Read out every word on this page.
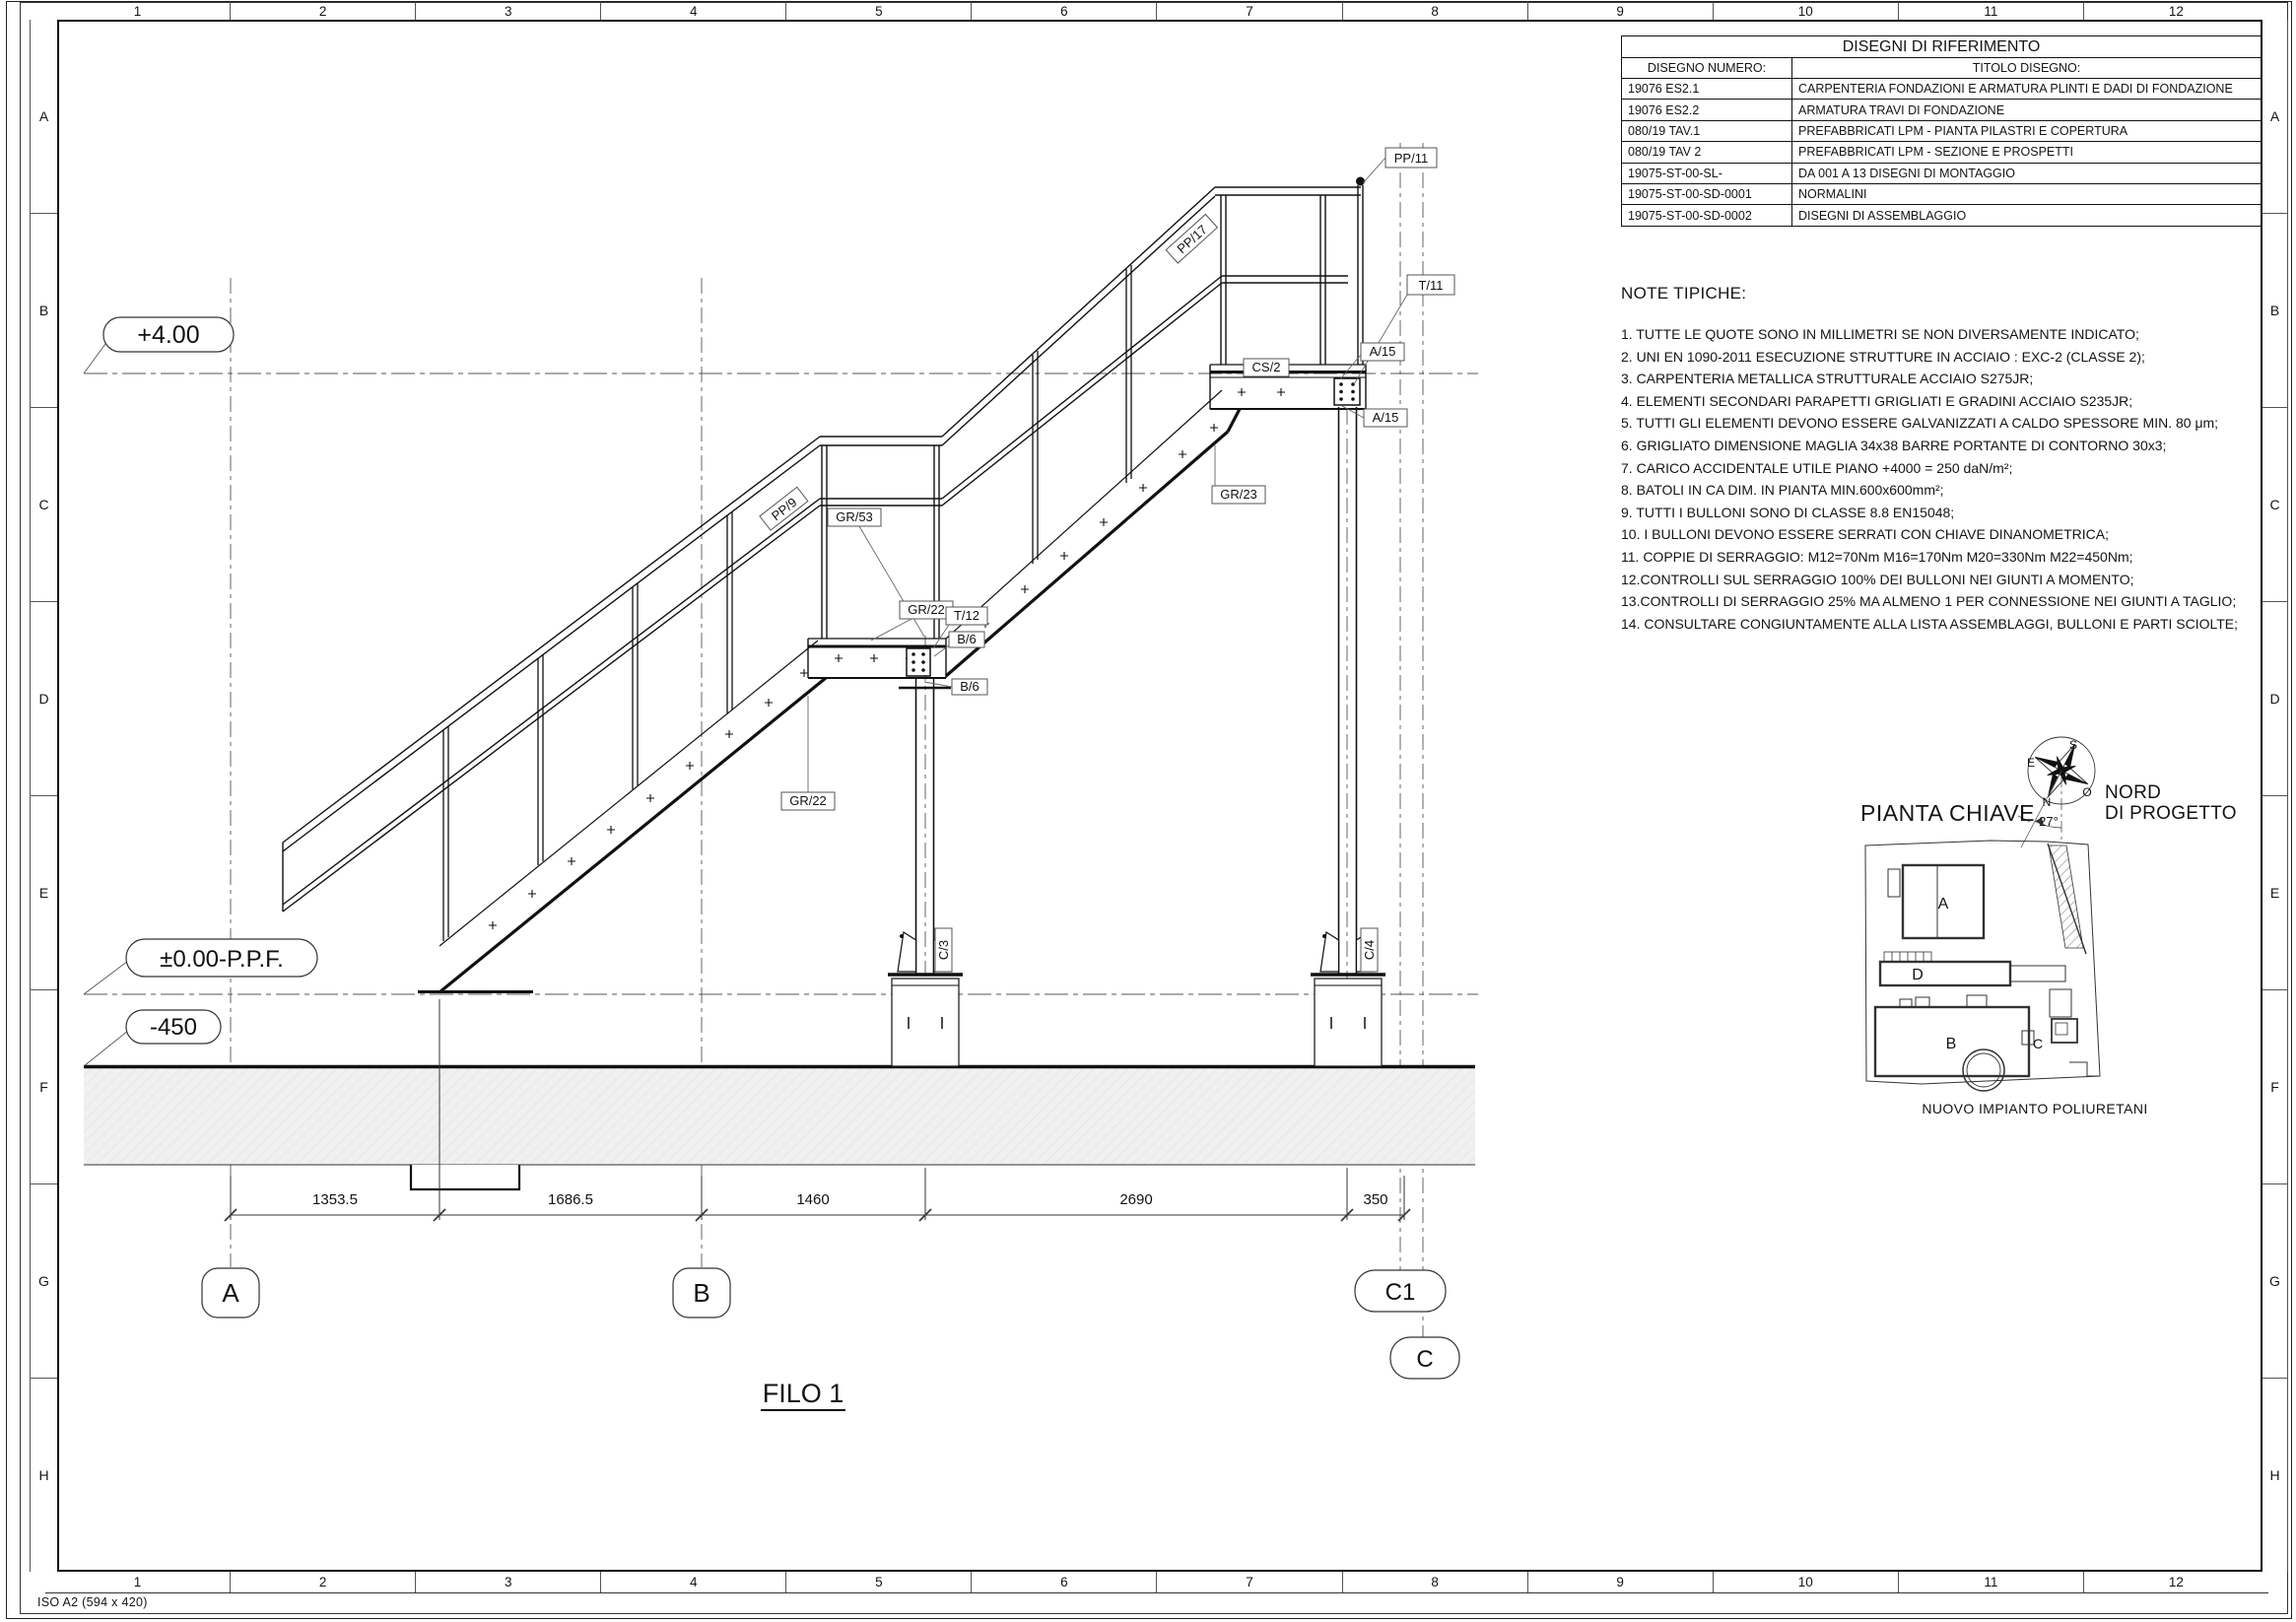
1	2	3	4	5	6	7	8	9	10	11	12
1	2	3	4	5	6	7	8	9	10	11	12
A
B
C
D
E
F
G
H
A
B
C
D
E
F
G
H
ISO A2 (594 x 420)
1353.5	1686.5	1460	2690	350
A	B	C1
C
+4.00
±0.00-P.P.F.
-450
PP/11
T/11
CS/2
A/15
A/15
GR/23
GR/53
GR/22 T/12
B/6
B/6
GR/22
PP/9
PP/17
C/3	C/4
S
E
O
N
27°
A
D
B	C
DISEGNI DI RIFERIMENTO	
DISEGNO NUMERO:	TITOLO DISEGNO:
19076 ES2.1	CARPENTERIA FONDAZIONI E ARMATURA PLINTI E DADI DI FONDAZIONE
19076 ES2.2	ARMATURA TRAVI DI FONDAZIONE
080/19 TAV.1	PREFABBRICATI LPM - PIANTA PILASTRI E COPERTURA
080/19 TAV 2	PREFABBRICATI LPM - SEZIONE E PROSPETTI
19075-ST-00-SL-	DA 001 A 13 DISEGNI DI MONTAGGIO
19075-ST-00-SD-0001	NORMALINI
19075-ST-00-SD-0002	DISEGNI DI ASSEMBLAGGIO
NOTE TIPICHE:
1. TUTTE LE QUOTE SONO IN MILLIMETRI SE NON DIVERSAMENTE INDICATO;
2. UNI EN 1090-2011 ESECUZIONE STRUTTURE IN ACCIAIO : EXC-2 (CLASSE 2);
3. CARPENTERIA METALLICA STRUTTURALE ACCIAIO S275JR;
4. ELEMENTI SECONDARI PARAPETTI GRIGLIATI E GRADINI ACCIAIO S235JR;
5. TUTTI GLI ELEMENTI DEVONO ESSERE GALVANIZZATI A CALDO SPESSORE MIN. 80 μm;
6. GRIGLIATO DIMENSIONE MAGLIA 34x38 BARRE PORTANTE DI CONTORNO 30x3;
7. CARICO ACCIDENTALE UTILE PIANO +4000 = 250 daN/m²;
8. BATOLI IN CA DIM. IN PIANTA MIN.600x600mm²;
9. TUTTI I BULLONI SONO DI CLASSE 8.8 EN15048;
10. I BULLONI DEVONO ESSERE SERRATI CON CHIAVE DINANOMETRICA;
11. COPPIE DI SERRAGGIO: M12=70Nm M16=170Nm M20=330Nm M22=450Nm;
12.CONTROLLI SUL SERRAGGIO 100% DEI BULLONI NEI GIUNTI A MOMENTO;
13.CONTROLLI DI SERRAGGIO 25% MA ALMENO 1 PER CONNESSIONE NEI GIUNTI A TAGLIO;
14. CONSULTARE CONGIUNTAMENTE ALLA LISTA ASSEMBLAGGI, BULLONI E PARTI SCIOLTE;
PIANTA CHIAVE
NORD
DI PROGETTO
NUOVO IMPIANTO POLIURETANI
FILO 1
